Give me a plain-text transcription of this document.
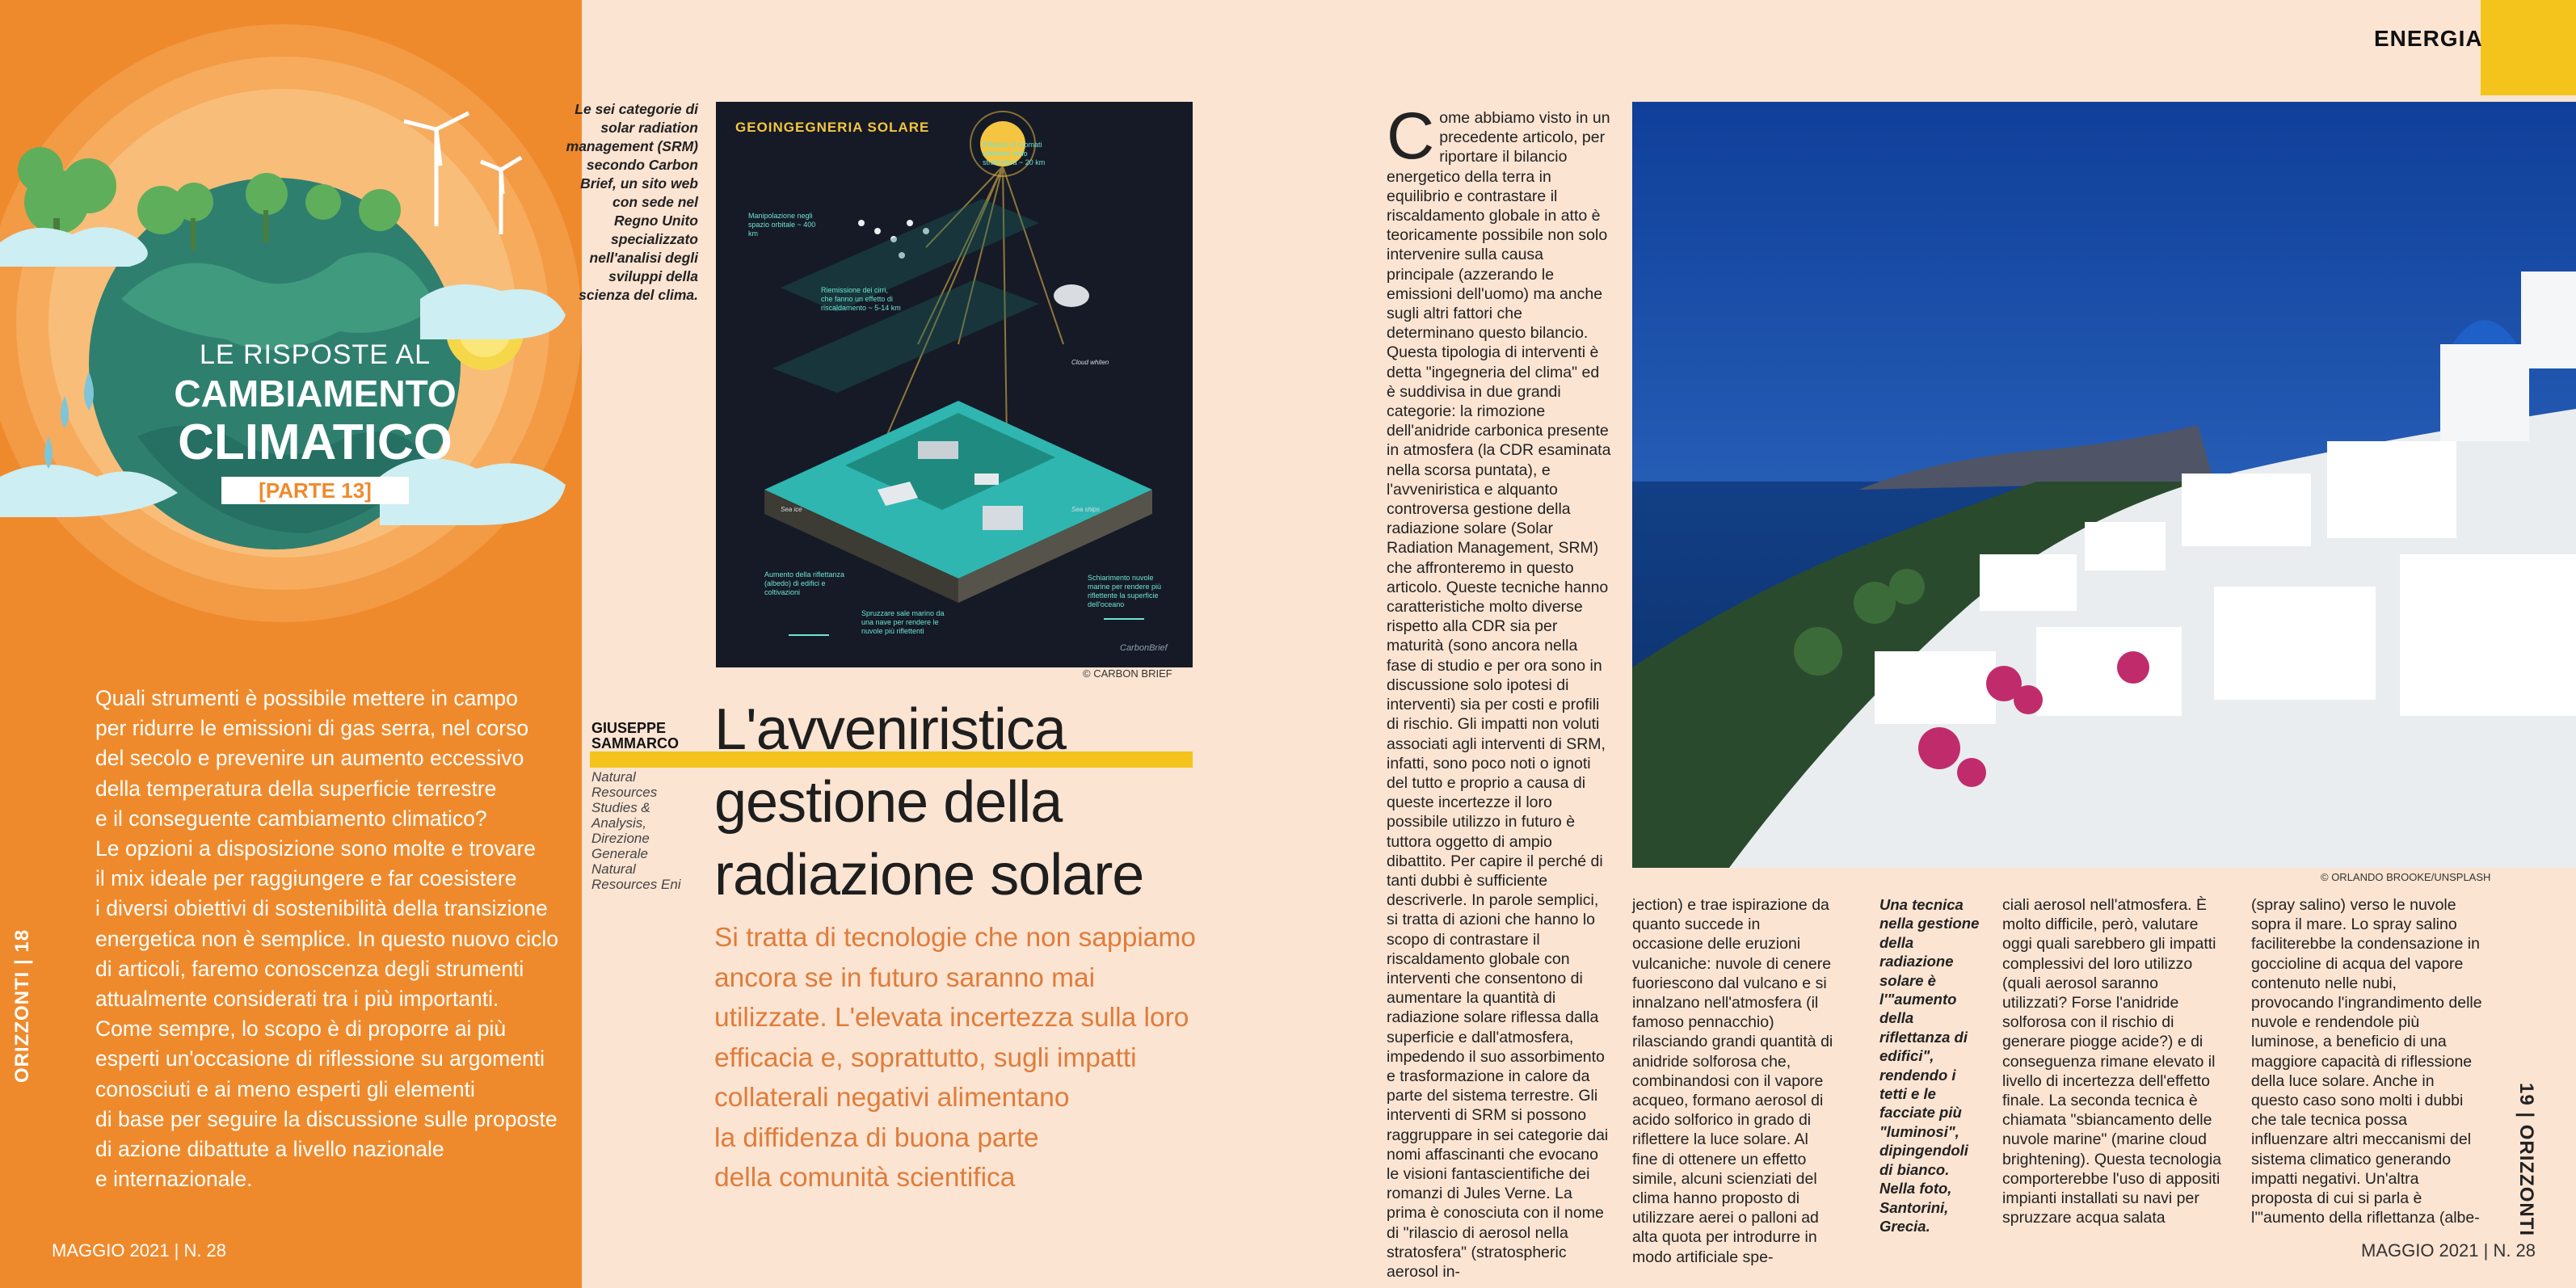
LE RISPOSTE AL
CAMBIAMENTO
CLIMATICO
[PARTE 13]

Quali strumenti è possibile mettere in campo

per ridurre le emissioni di gas serra, nel corso

del secolo e prevenire un aumento eccessivo

della temperatura della superficie terrestre

e il conseguente cambiamento climatico?

Le opzioni a disposizione sono molte e trovare

il mix ideale per raggiungere e far coesistere

i diversi obiettivi di sostenibilità della transizione

energetica non è semplice. In questo nuovo ciclo

di articoli, faremo conoscenza degli strumenti

attualmente considerati tra i più importanti.

Come sempre, lo scopo è di proporre ai più

esperti un'occasione di riflessione su argomenti

conosciuti e ai meno esperti gli elementi

di base per seguire la discussione sulle proposte

di azione dibattute a livello nazionale

e internazionale.

ORIZZONTI | 18
MAGGIO 2021 | N. 28
Le sei categorie di solar radiation management (SRM) secondo Carbon Brief, un sito web con sede nel Regno Unito specializzato nell'analisi degli sviluppi della scienza del clima.
GEOINGEGNERIA SOLARE
Riflesso di cromati riflettenti nello stratosfera ~ 20 km
Manipolazione negli spazio orbitale ~ 400 km
Riemissione dei cirri, che fanno un effetto di riscaldamento ~ 5-14 km
Aumento della riflettanza (albedo) di edifici e coltivazioni
Spruzzare sale marino da una nave per rendere le nuvole più riflettenti
Schiarimento nuvole marine per rendere più riflettente la superficie dell'oceano
Cloud whiten
Sea ice	Sea ships
CarbonBrief
© CARBON BRIEF
GIUSEPPE
SAMMARCO
Natural Resources Studies & Analysis, Direzione Generale Natural Resources Eni
L'avveniristica
gestione della
radiazione solare

Si tratta di tecnologie che non sappiamo

ancora se in futuro saranno mai

utilizzate. L'elevata incertezza sulla loro

efficacia e, soprattutto, sugli impatti

collaterali negativi alimentano

la diffidenza di buona parte

della comunità scientifica

ENERGIA
© ORLANDO BROOKE/UNSPLASH
C ome abbiamo visto in un precedente articolo, per riportare il bilancio energetico della terra in equilibrio e contrastare il riscaldamento globale in atto è teoricamente possibile non solo intervenire sulla causa principale (azzerando le emissioni dell'uomo) ma anche sugli altri fattori che determinano questo bilancio. Questa tipologia di interventi è detta "ingegneria del clima" ed è suddivisa in due grandi categorie: la rimozione dell'anidride carbonica presente in atmosfera (la CDR esaminata nella scorsa puntata), e l'avveniristica e alquanto controversa gestione della radiazione solare (Solar Radiation Management, SRM) che affronteremo in questo articolo. Queste tecniche hanno caratteristiche molto diverse rispetto alla CDR sia per maturità (sono ancora nella fase di studio e per ora sono in discussione solo ipotesi di interventi) sia per costi e profili di rischio. Gli impatti non voluti associati agli interventi di SRM, infatti, sono poco noti o ignoti del tutto e proprio a causa di queste incertezze il loro possibile utilizzo in futuro è tuttora oggetto di ampio dibattito. Per capire il perché di tanti dubbi è sufficiente descriverle. In parole semplici, si tratta di azioni che hanno lo scopo di contrastare il riscaldamento globale con interventi che consentono di aumentare la quantità di radiazione solare riflessa dalla superficie e dall'atmosfera, impedendo il suo assorbimento e trasformazione in calore da parte del sistema terrestre. Gli interventi di SRM si possono raggruppare in sei categorie dai nomi affascinanti che evocano le visioni fantascientifiche dei romanzi di Jules Verne. La prima è conosciuta con il nome di "rilascio di aerosol nella stratosfera" (stratospheric aerosol in-

jection) e trae ispirazione da quanto succede in occasione delle eruzioni vulcaniche: nuvole di cenere fuoriescono dal vulcano e si innalzano nell'atmosfera (il famoso pennacchio) rilasciando grandi quantità di anidride solforosa che, combinandosi con il vapore acqueo, formano aerosol di acido solforico in grado di riflettere la luce solare. Al fine di ottenere un effetto simile, alcuni scienziati del clima hanno proposto di utilizzare aerei o palloni ad alta quota per introdurre in modo artificiale spe-

Una tecnica nella gestione della radiazione solare è l'"aumento della riflettanza di edifici", rendendo i tetti e le facciate più "luminosi", dipingendoli di bianco. Nella foto, Santorini, Grecia.

ciali aerosol nell'atmosfera. È molto difficile, però, valutare oggi quali sarebbero gli impatti complessivi del loro utilizzo (quali aerosol saranno utilizzati? Forse l'anidride solforosa con il rischio di generare piogge acide?) e di conseguenza rimane elevato il livello di incertezza dell'effetto finale. La seconda tecnica è chiamata "sbiancamento delle nuvole marine" (marine cloud brightening). Questa tecnologia comporterebbe l'uso di appositi impianti installati su navi per spruzzare acqua salata

(spray salino) verso le nuvole sopra il mare. Lo spray salino faciliterebbe la condensazione in goccioline di acqua del vapore contenuto nelle nubi, provocando l'ingrandimento delle nuvole e rendendole più luminose, a beneficio di una maggiore capacità di riflessione della luce solare. Anche in questo caso sono molti i dubbi che tale tecnica possa influenzare altri meccanismi del sistema climatico generando impatti negativi. Un'altra proposta di cui si parla è l'"aumento della riflettanza (albe- 19 | ORIZZONTI
MAGGIO 2021 | N. 28
